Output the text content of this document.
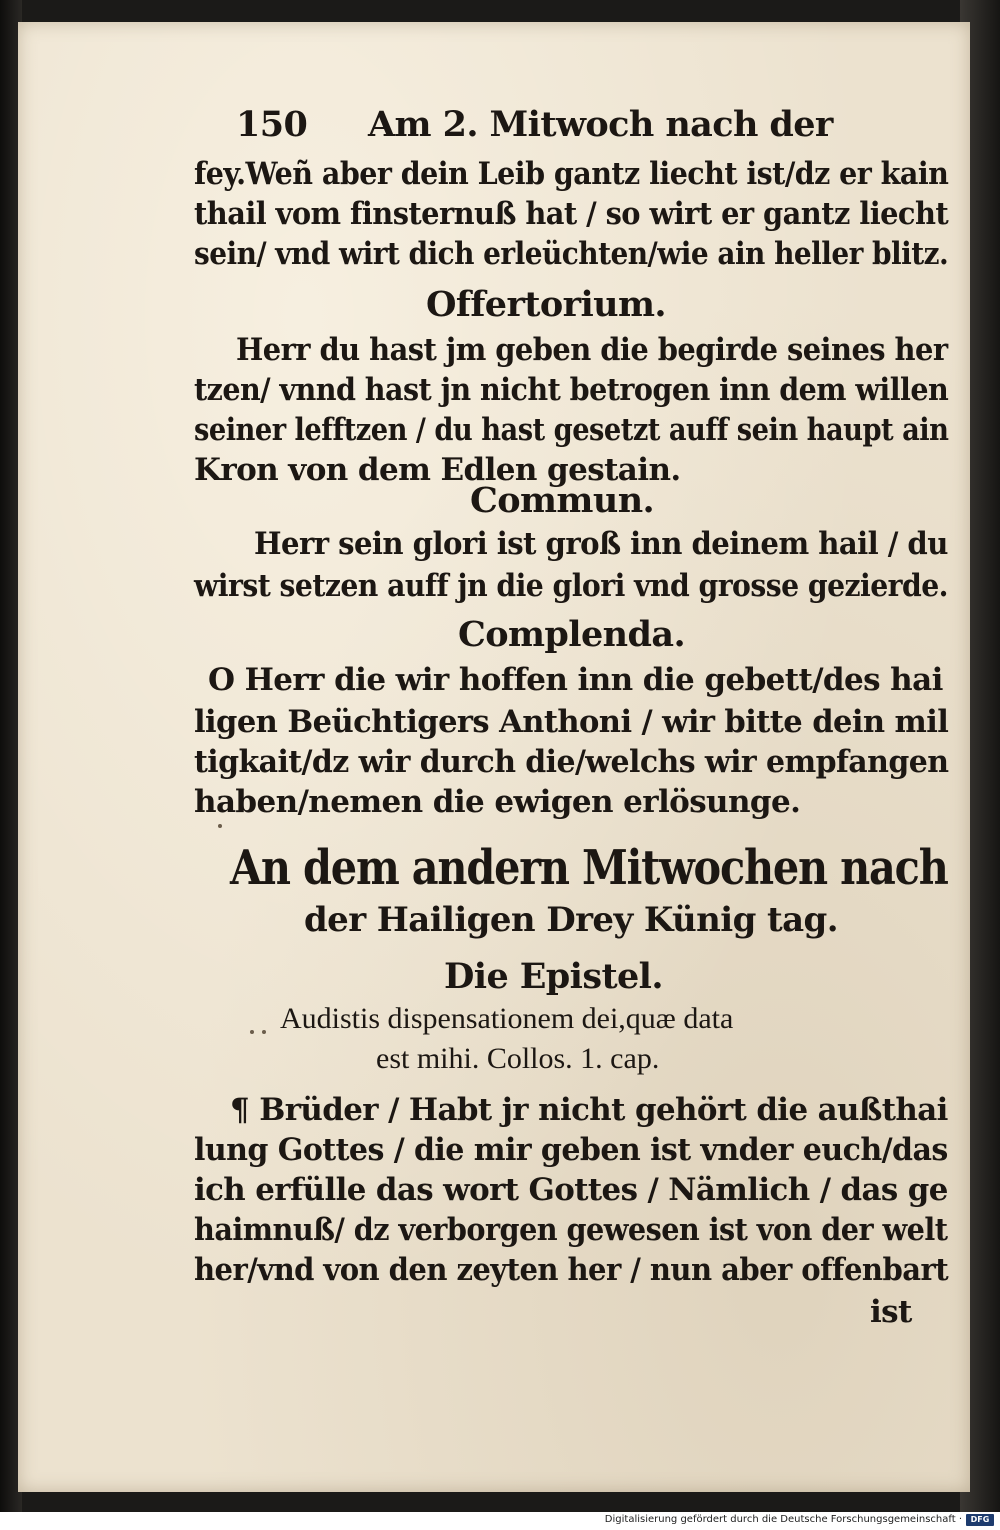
150 Am 2. Mitwoch nach der
fey.Weñ aber dein Leib gantz liecht ist/dz er kain
thail vom finsternuß hat / so wirt er gantz liecht
sein/ vnd wirt dich erleüchten/wie ain heller blitz.
Offertorium.
Herr du hast jm geben die begirde seines her
tzen/ vnnd hast jn nicht betrogen inn dem willen
seiner lefftzen / du hast gesetzt auff sein haupt ain
Kron von dem Edlen gestain.
Commun.
Herr sein glori ist groß inn deinem hail / du
wirst setzen auff jn die glori vnd grosse gezierde.
Complenda.
O Herr die wir hoffen inn die gebett/des hai
ligen Beüchtigers Anthoni / wir bitte dein mil
tigkait/dz wir durch die/welchs wir empfangen
haben/nemen die ewigen erlösunge.
An dem andern Mitwochen nach
der Hailigen Drey Künig tag.
Die Epistel.
Audistis dispensationem dei,quæ data
est mihi. Collos. 1. cap.
¶ Brüder / Habt jr nicht gehört die außthai
lung Gottes / die mir geben ist vnder euch/das
ich erfülle das wort Gottes / Nämlich / das ge
haimnuß/ dz verborgen gewesen ist von der welt
her/vnd von den zeyten her / nun aber offenbart
ist
Digitalisierung gefördert durch die Deutsche Forschungsgemeinschaft ·	DFG
